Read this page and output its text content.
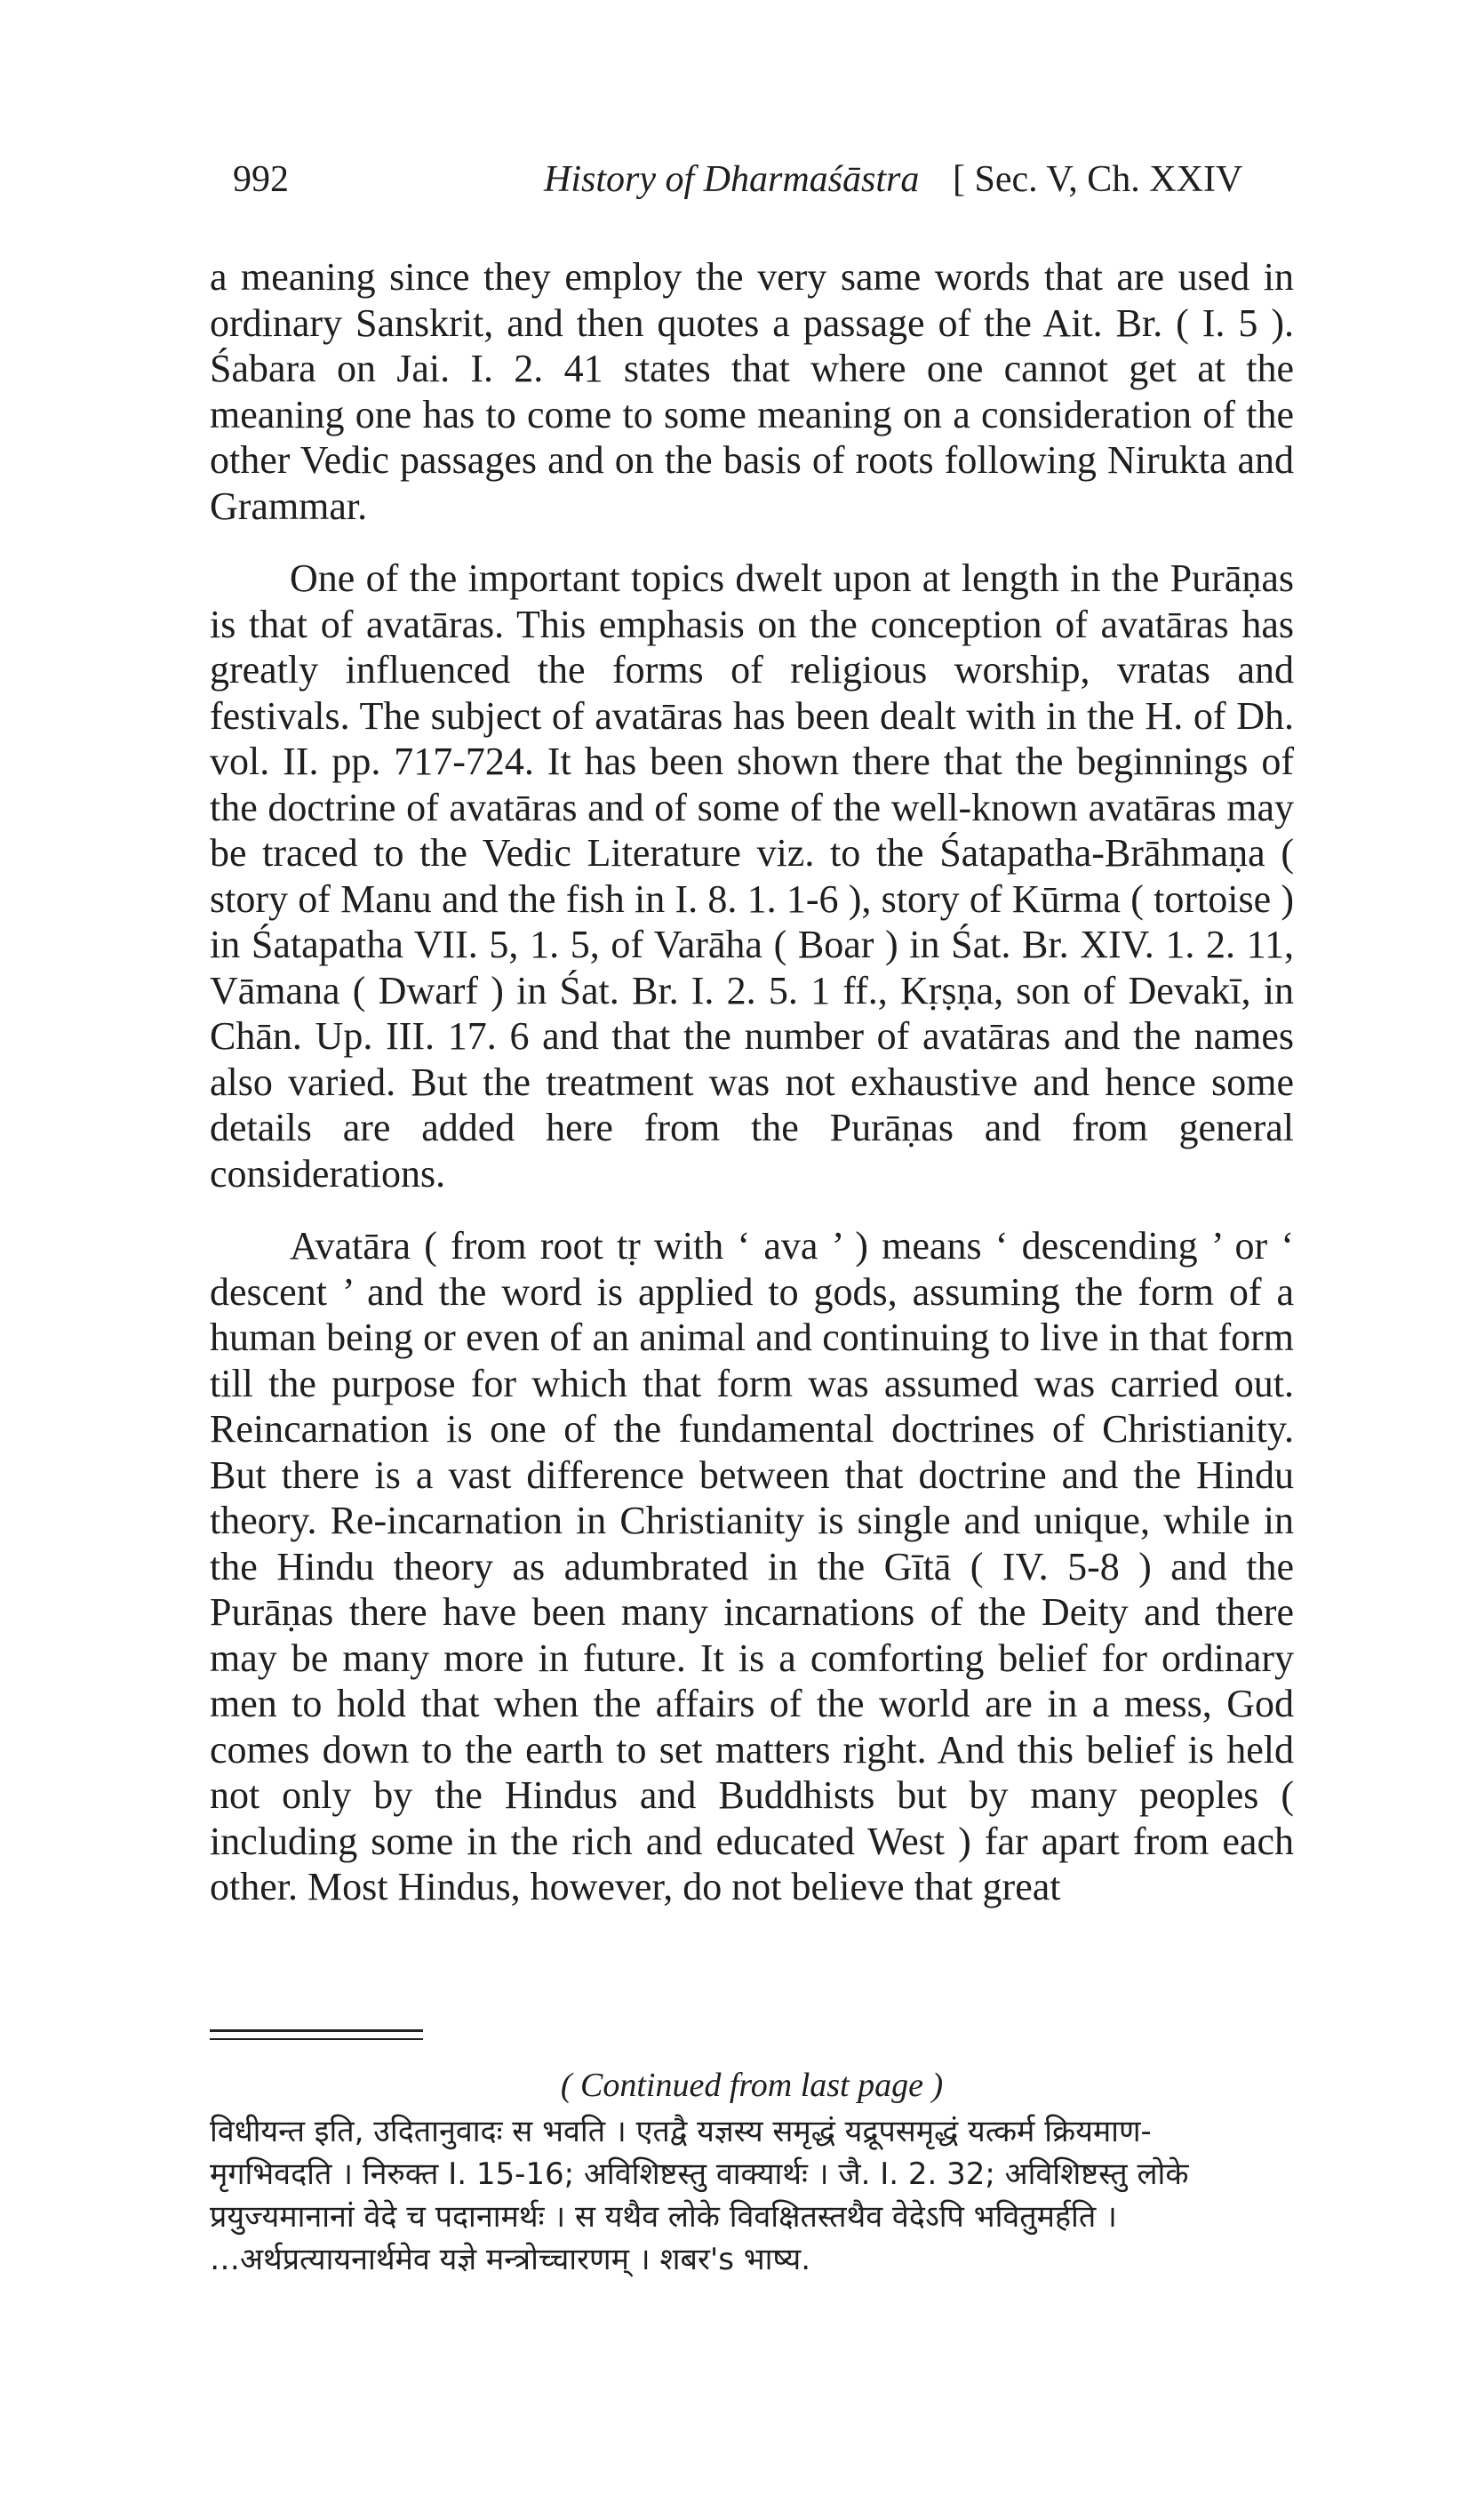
992	History of Dharmaśāstra [ Sec. V, Ch. XXIV

a meaning since they employ the very same words that are used in ordinary Sanskrit, and then quotes a passage of the Ait. Br. ( I. 5 ). Śabara on Jai. I. 2. 41 states that where one cannot get at the meaning one has to come to some meaning on a consideration of the other Vedic passages and on the basis of roots following Nirukta and Grammar.

One of the important topics dwelt upon at length in the Purāṇas is that of avatāras. This emphasis on the conception of avatāras has greatly influenced the forms of religious worship, vratas and festivals. The subject of avatāras has been dealt with in the H. of Dh. vol. II. pp. 717-724. It has been shown there that the beginnings of the doctrine of avatāras and of some of the well-known avatāras may be traced to the Vedic Literature viz. to the Śatapatha-Brāhmaṇa ( story of Manu and the fish in I. 8. 1. 1-6 ), story of Kūrma ( tortoise ) in Śatapatha VII. 5, 1. 5, of Varāha ( Boar ) in Śat. Br. XIV. 1. 2. 11, Vāmana ( Dwarf ) in Śat. Br. I. 2. 5. 1 ff., Kṛṣṇa, son of Devakī, in Chān. Up. III. 17. 6 and that the number of avatāras and the names also varied. But the treatment was not exhaustive and hence some details are added here from the Purāṇas and from general considerations.

Avatāra ( from root tṛ with ‘ ava ’ ) means ‘ descending ’ or ‘ descent ’ and the word is applied to gods, assuming the form of a human being or even of an animal and continuing to live in that form till the purpose for which that form was assumed was carried out. Reincarnation is one of the fundamental doctrines of Christianity. But there is a vast difference between that doctrine and the Hindu theory. Re-incarnation in Christianity is single and unique, while in the Hindu theory as adumbrated in the Gītā ( IV. 5-8 ) and the Purāṇas there have been many incarnations of the Deity and there may be many more in future. It is a comforting belief for ordinary men to hold that when the affairs of the world are in a mess, God comes down to the earth to set matters right. And this belief is held not only by the Hindus and Buddhists but by many peoples ( including some in the rich and educated West ) far apart from each other. Most Hindus, however, do not believe that great

( Continued from last page )

विधीयन्त इति, उदितानुवादः स भवति । एतद्वै यज्ञस्य समृद्धं यद्रूपसमृद्धं यत्कर्म क्रियमाण-

मृगभिवदति । निरुक्त I. 15-16; अविशिष्टस्तु वाक्यार्थः । जै. I. 2. 32; अविशिष्टस्तु लोके

प्रयुज्यमानानां वेदे च पदानामर्थः । स यथैव लोके विवक्षितस्तथैव वेदेऽपि भवितुमर्हति ।

…अर्थप्रत्यायनार्थमेव यज्ञे मन्त्रोच्चारणम् । शबर's भाष्य.
